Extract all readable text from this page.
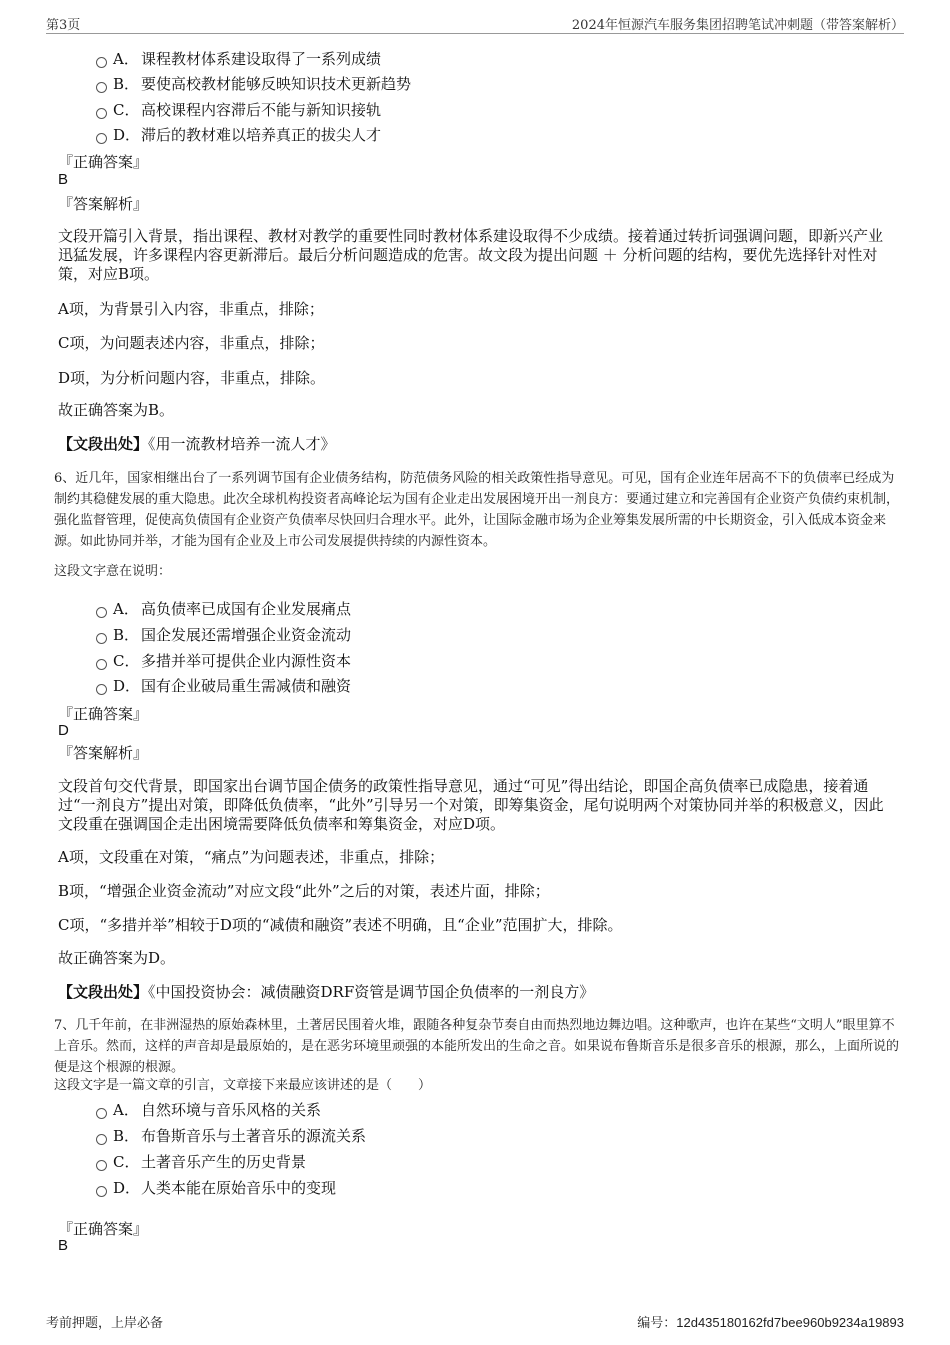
第3页	2024年恒源汽车服务集团招聘笔试冲刺题（带答案解析）
A． 课程教材体系建设取得了一系列成绩
B． 要使高校教材能够反映知识技术更新趋势
C． 高校课程内容滞后不能与新知识接轨
D．滞后的教材难以培养真正的拔尖人才
『正确答案』
B
『答案解析』
文段开篇引入背景，指出课程、教材对教学的重要性同时教材体系建设取得不少成绩。接着通过转折词强调问题，即新兴产业迅猛发展，许多课程内容更新滞后。最后分析问题造成的危害。故文段为提出问题 ＋ 分析问题的结构，要优先选择针对性对策，对应B项。
A项，为背景引入内容，非重点，排除；
C项，为问题表述内容，非重点，排除；
D项，为分析问题内容，非重点，排除。
故正确答案为B。
【文段出处】《用一流教材培养一流人才》
6、近几年，国家相继出台了一系列调节国有企业债务结构，防范债务风险的相关政策性指导意见。可见，国有企业连年居高不下的负债率已经成为制约其稳健发展的重大隐患。此次全球机构投资者高峰论坛为国有企业走出发展困境开出一剂良方：要通过建立和完善国有企业资产负债约束机制，强化监督管理，促使高负债国有企业资产负债率尽快回归合理水平。此外，让国际金融市场为企业筹集发展所需的中长期资金，引入低成本资金来源。如此协同并举，才能为国有企业及上市公司发展提供持续的内源性资本。
这段文字意在说明：
A． 高负债率已成国有企业发展痛点
B． 国企发展还需增强企业资金流动
C． 多措并举可提供企业内源性资本
D．国有企业破局重生需减债和融资
『正确答案』
D
『答案解析』
文段首句交代背景，即国家出台调节国企债务的政策性指导意见，通过“可见”得出结论，即国企高负债率已成隐患，接着通过“一剂良方”提出对策，即降低负债率，“此外”引导另一个对策，即筹集资金，尾句说明两个对策协同并举的积极意义，因此文段重在强调国企走出困境需要降低负债率和筹集资金，对应D项。
A项，文段重在对策，“痛点”为问题表述，非重点，排除；
B项，“增强企业资金流动”对应文段“此外”之后的对策，表述片面，排除；
C项，“多措并举”相较于D项的“减债和融资”表述不明确，且“企业”范围扩大，排除。
故正确答案为D。
【文段出处】《中国投资协会：减债融资DRF资管是调节国企负债率的一剂良方》
7、几千年前，在非洲湿热的原始森林里，土著居民围着火堆，跟随各种复杂节奏自由而热烈地边舞边唱。这种歌声，也许在某些“文明人”眼里算不上音乐。然而，这样的声音却是最原始的，是在恶劣环境里顽强的本能所发出的生命之音。如果说布鲁斯音乐是很多音乐的根源，那么，上面所说的便是这个根源的根源。
这段文字是一篇文章的引言，文章接下来最应该讲述的是（　　）
A． 自然环境与音乐风格的关系
B． 布鲁斯音乐与土著音乐的源流关系
C． 土著音乐产生的历史背景
D．人类本能在原始音乐中的变现
『正确答案』
B
考前押题，上岸必备	编号：12d435180162fd7bee960b9234a19893
